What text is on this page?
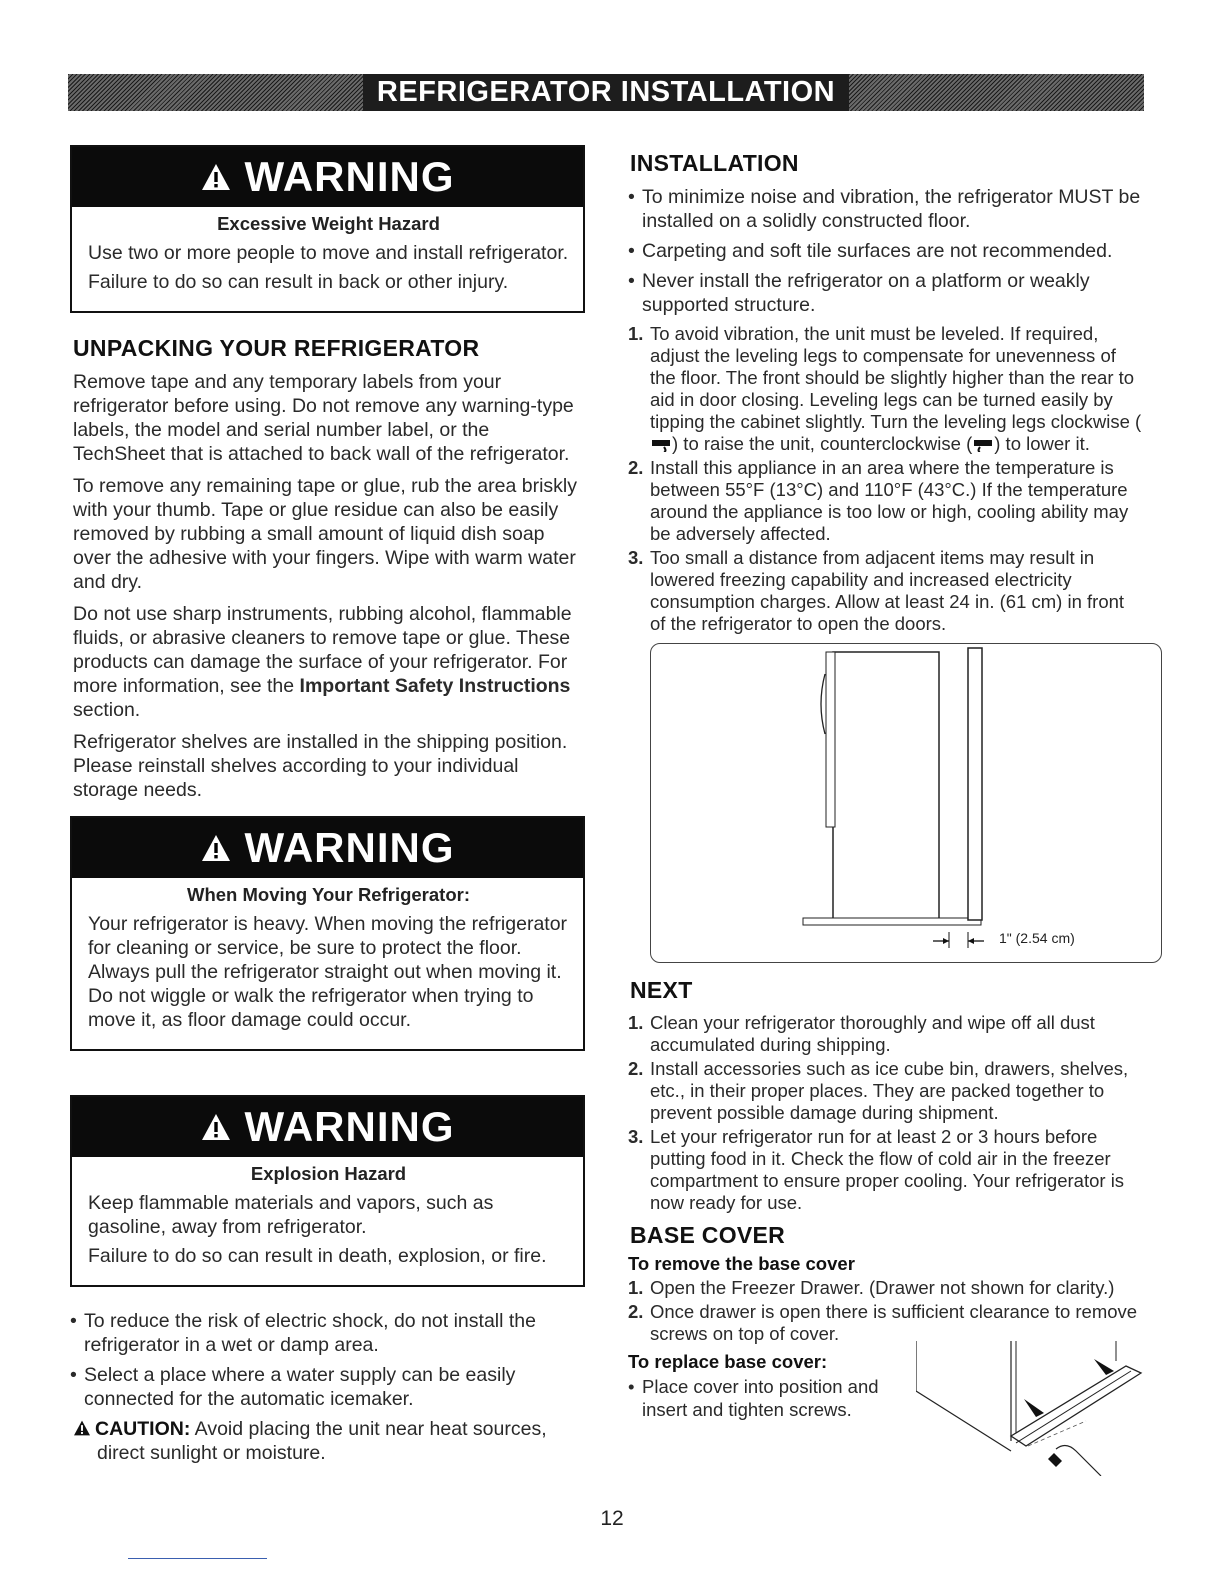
REFRIGERATOR INSTALLATION
WARNING
Excessive Weight Hazard

Use two or more people to move and install refrigerator.

Failure to do so can result in back or other injury.

UNPACKING YOUR REFRIGERATOR

Remove tape and any temporary labels from your refrigerator before using. Do not remove any warning-type labels, the model and serial number label, or the TechSheet that is attached to back wall of the refrigerator.

To remove any remaining tape or glue, rub the area briskly with your thumb. Tape or glue residue can also be easily removed by rubbing a small amount of liquid dish soap over the adhesive with your fingers. Wipe with warm water and dry.

Do not use sharp instruments, rubbing alcohol, flammable fluids, or abrasive cleaners to remove tape or glue. These products can damage the surface of your refrigerator. For more information, see the Important Safety Instructions section.

Refrigerator shelves are installed in the shipping position. Please reinstall shelves according to your individual storage needs.

WARNING
When Moving Your Refrigerator:

Your refrigerator is heavy. When moving the refrigerator for cleaning or service, be sure to protect the floor. Always pull the refrigerator straight out when moving it. Do not wiggle or walk the refrigerator when trying to move it, as floor damage could occur.

WARNING
Explosion Hazard

Keep flammable materials and vapors, such as gasoline, away from refrigerator.

Failure to do so can result in death, explosion, or fire.

• To reduce the risk of electric shock, do not install the refrigerator in a wet or damp area.
• Select a place where a water supply can be easily connected for the automatic icemaker.
CAUTION: Avoid placing the unit near heat sources, direct sunlight or moisture.
INSTALLATION
• To minimize noise and vibration, the refrigerator MUST be installed on a solidly constructed floor.
• Carpeting and soft tile surfaces are not recommended.
• Never install the refrigerator on a platform or weakly supported structure.
1. To avoid vibration, the unit must be leveled. If required, adjust the leveling legs to compensate for unevenness of the floor. The front should be slightly higher than the rear to aid in door closing. Leveling legs can be turned easily by tipping the cabinet slightly. Turn the leveling legs clockwise () to raise the unit, counterclockwise ( ) to lower it.
2. Install this appliance in an area where the temperature is between 55°F (13°C) and 110°F (43°C.) If the temperature around the appliance is too low or high, cooling ability may be adversely affected.
3. Too small a distance from adjacent items may result in lowered freezing capability and increased electricity consumption charges. Allow at least 24 in. (61 cm) in front of the refrigerator to open the doors.
1" (2.54 cm)
NEXT
1. Clean your refrigerator thoroughly and wipe off all dust accumulated during shipping.
2. Install accessories such as ice cube bin, drawers, shelves, etc., in their proper places. They are packed together to prevent possible damage during shipment.
3. Let your refrigerator run for at least 2 or 3 hours before putting food in it. Check the flow of cold air in the freezer compartment to ensure proper cooling. Your refrigerator is now ready for use.
BASE COVER
To remove the base cover
1. Open the Freezer Drawer. (Drawer not shown for clarity.)
2. Once drawer is open there is sufficient clearance to remove screws on top of cover.
To replace base cover:
• Place cover into position and insert and tighten screws.
12
